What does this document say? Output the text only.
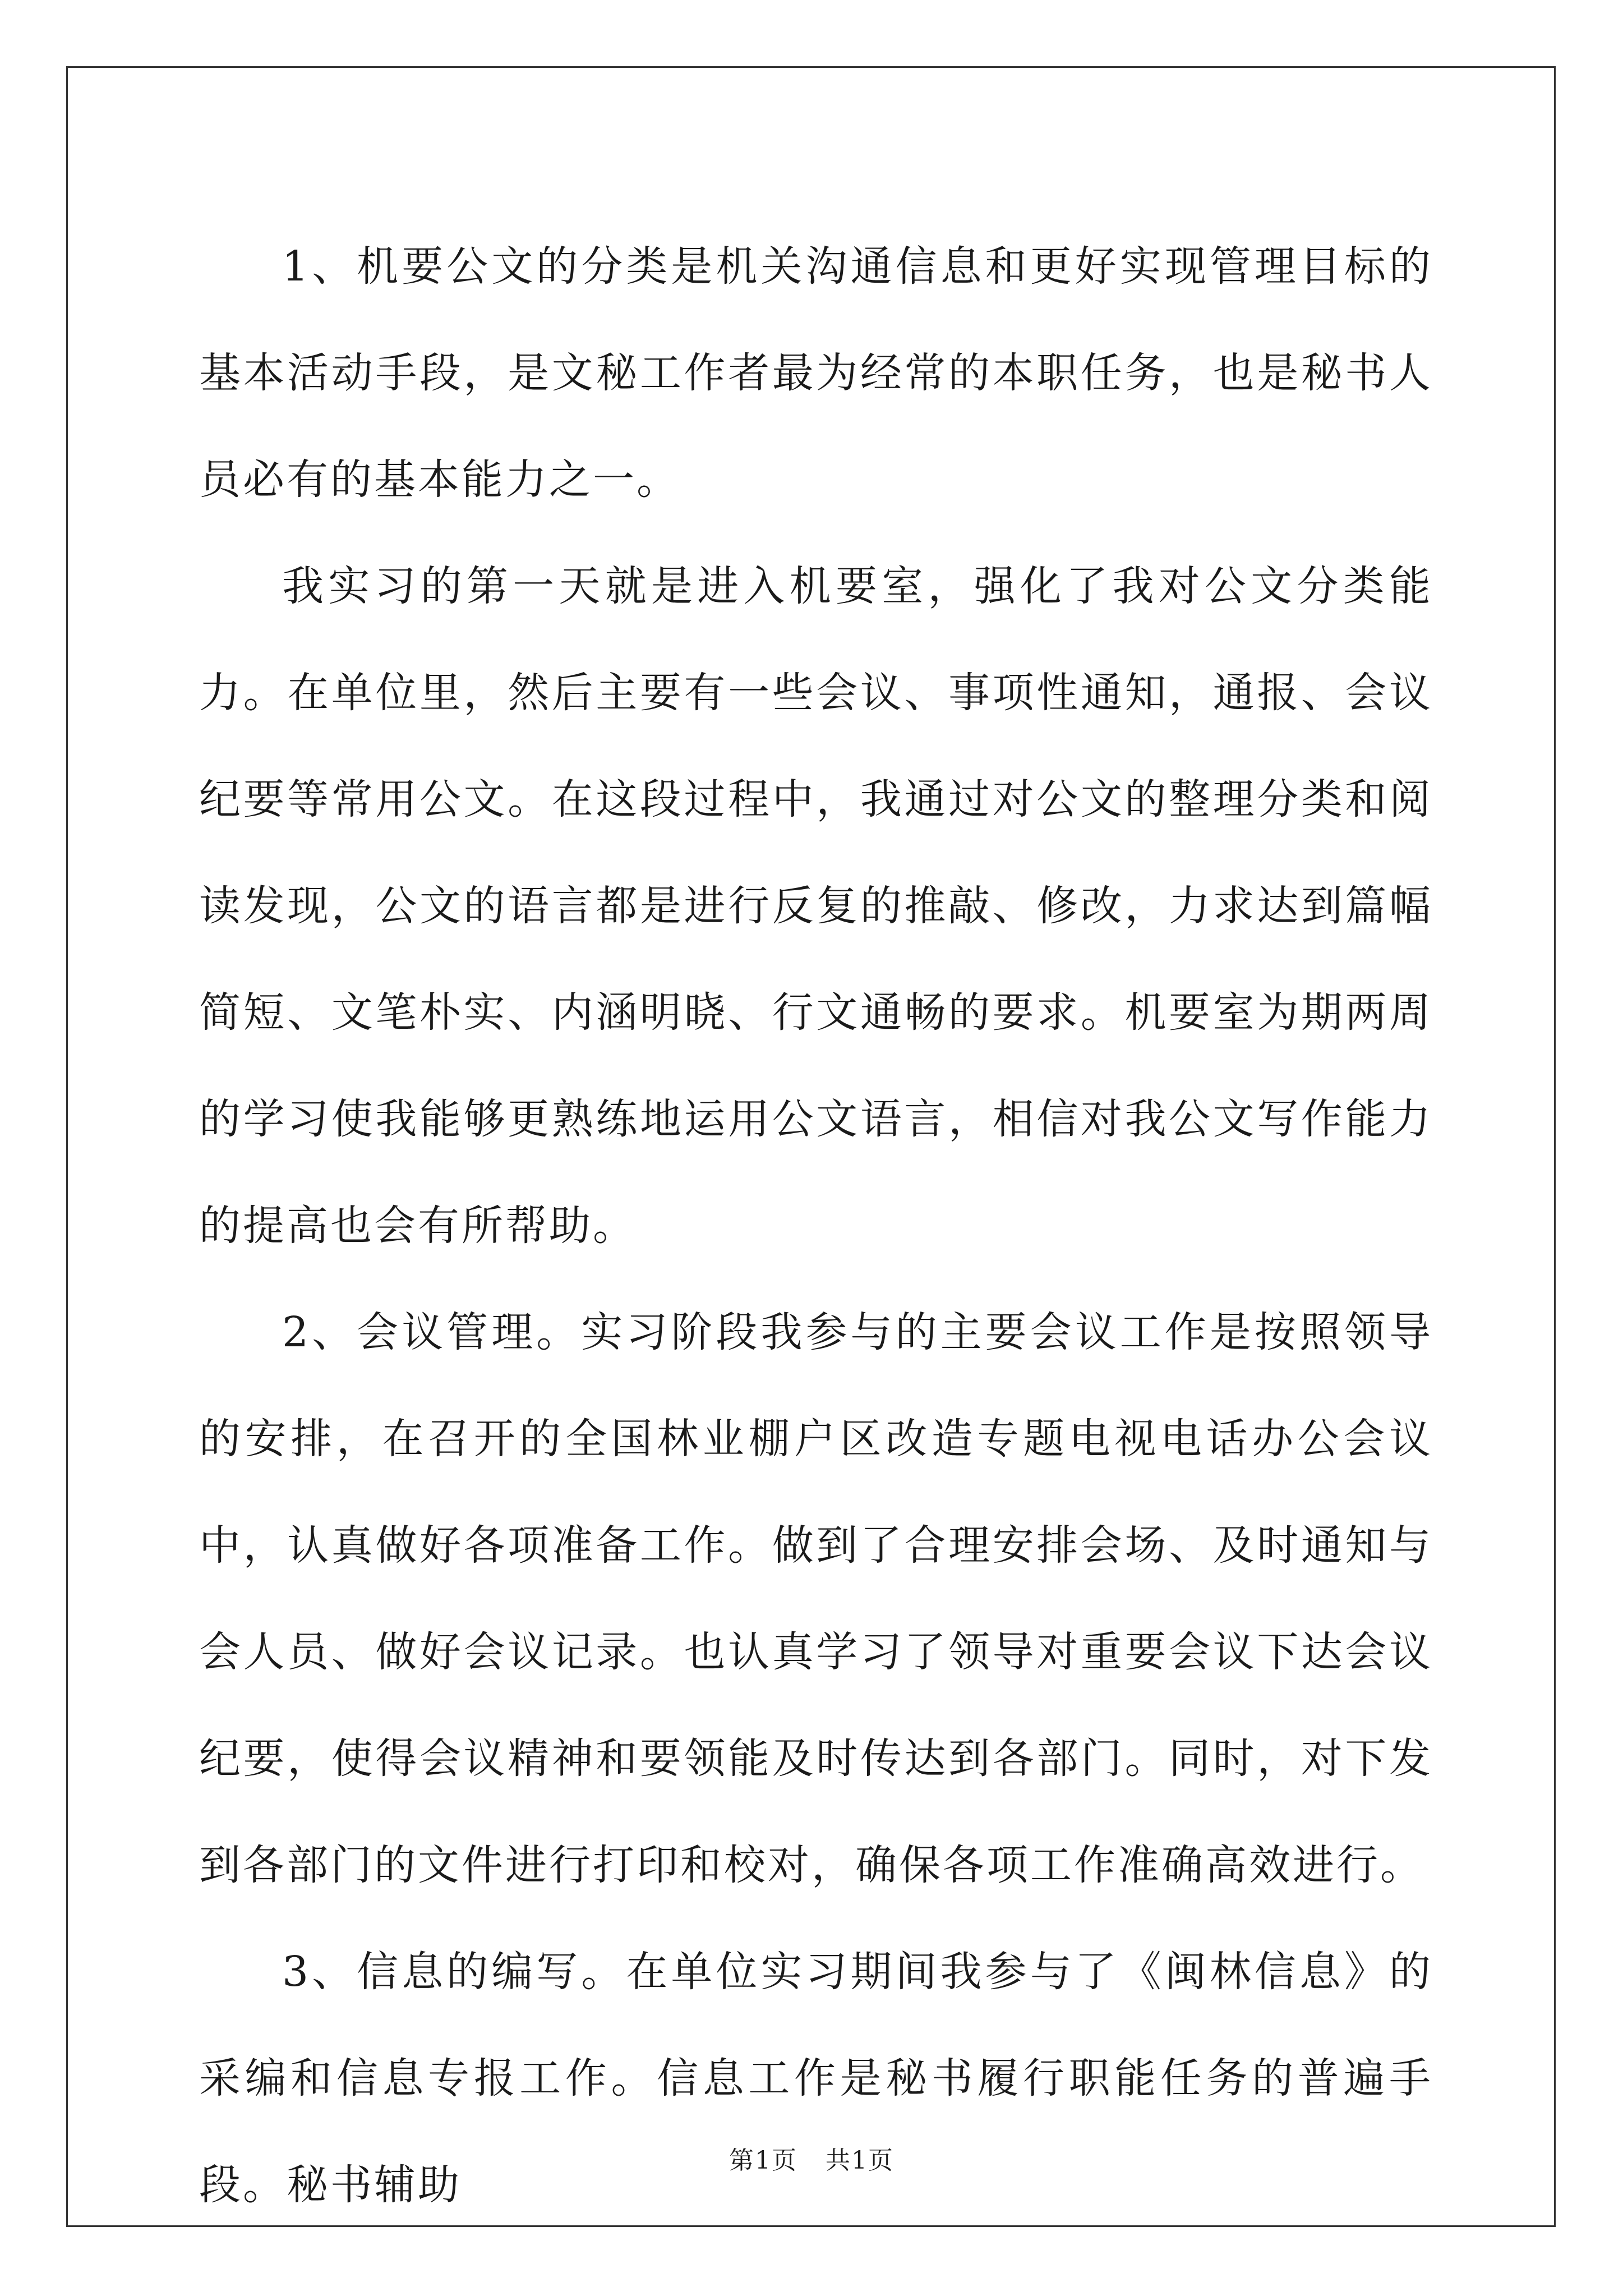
1、机要公文的分类是机关沟通信息和更好实现管理目标的基本活动手段，是文秘工作者最为经常的本职任务，也是秘书人员必有的基本能力之一。

我实习的第一天就是进入机要室，强化了我对公文分类能力。在单位里，然后主要有一些会议、事项性通知，通报、会议纪要等常用公文。在这段过程中，我通过对公文的整理分类和阅读发现，公文的语言都是进行反复的推敲、修改，力求达到篇幅简短、文笔朴实、内涵明晓、行文通畅的要求。机要室为期两周的学习使我能够更熟练地运用公文语言，相信对我公文写作能力的提高也会有所帮助。

2、会议管理。实习阶段我参与的主要会议工作是按照领导的安排，在召开的全国林业棚户区改造专题电视电话办公会议中，认真做好各项准备工作。做到了合理安排会场、及时通知与会人员、做好会议记录。也认真学习了领导对重要会议下达会议纪要，使得会议精神和要领能及时传达到各部门。同时，对下发到各部门的文件进行打印和校对，确保各项工作准确高效进行。

3、信息的编写。在单位实习期间我参与了《闽林信息》的采编和信息专报工作。信息工作是秘书履行职能任务的普遍手段。秘书辅助

第1页 共1页
